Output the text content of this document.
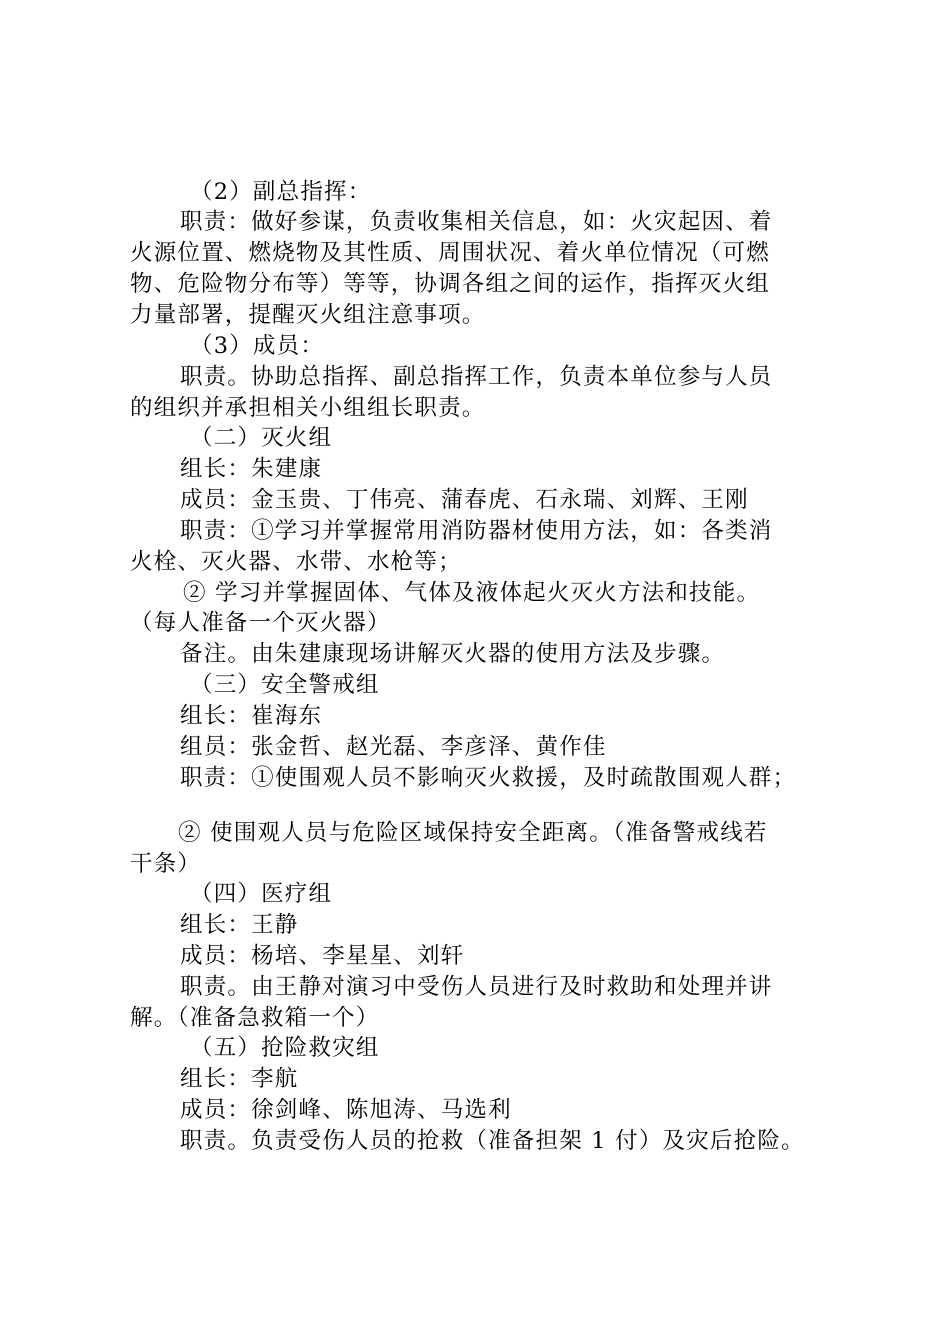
（2）副总指挥：
职责：做好参谋，负责收集相关信息，如：火灾起因、着
火源位置、燃烧物及其性质、周围状况、着火单位情况（可燃
物、危险物分布等）等等，协调各组之间的运作，指挥灭火组
力量部署，提醒灭火组注意事项。
（3）成员：
职责。协助总指挥、副总指挥工作，负责本单位参与人员
的组织并承担相关小组组长职责。
（二）灭火组
组长：朱建康
成员：金玉贵、丁伟亮、蒲春虎、石永瑞、刘辉、王刚
职责：①学习并掌握常用消防器材使用方法，如：各类消
火栓、灭火器、水带、水枪等；
② 学习并掌握固体、气体及液体起火灭火方法和技能。
（每人准备一个灭火器）
备注。由朱建康现场讲解灭火器的使用方法及步骤。
（三）安全警戒组
组长：崔海东
组员：张金哲、赵光磊、李彦泽、黄作佳
职责：①使围观人员不影响灭火救援，及时疏散围观人群；
② 使围观人员与危险区域保持安全距离。（准备警戒线若
干条）
（四）医疗组
组长：王静
成员：杨培、李星星、刘轩
职责。由王静对演习中受伤人员进行及时救助和处理并讲
解。（准备急救箱一个）
（五）抢险救灾组
组长：李航
成员：徐剑峰、陈旭涛、马选利
职责。负责受伤人员的抢救（准备担架 1 付）及灾后抢险。
